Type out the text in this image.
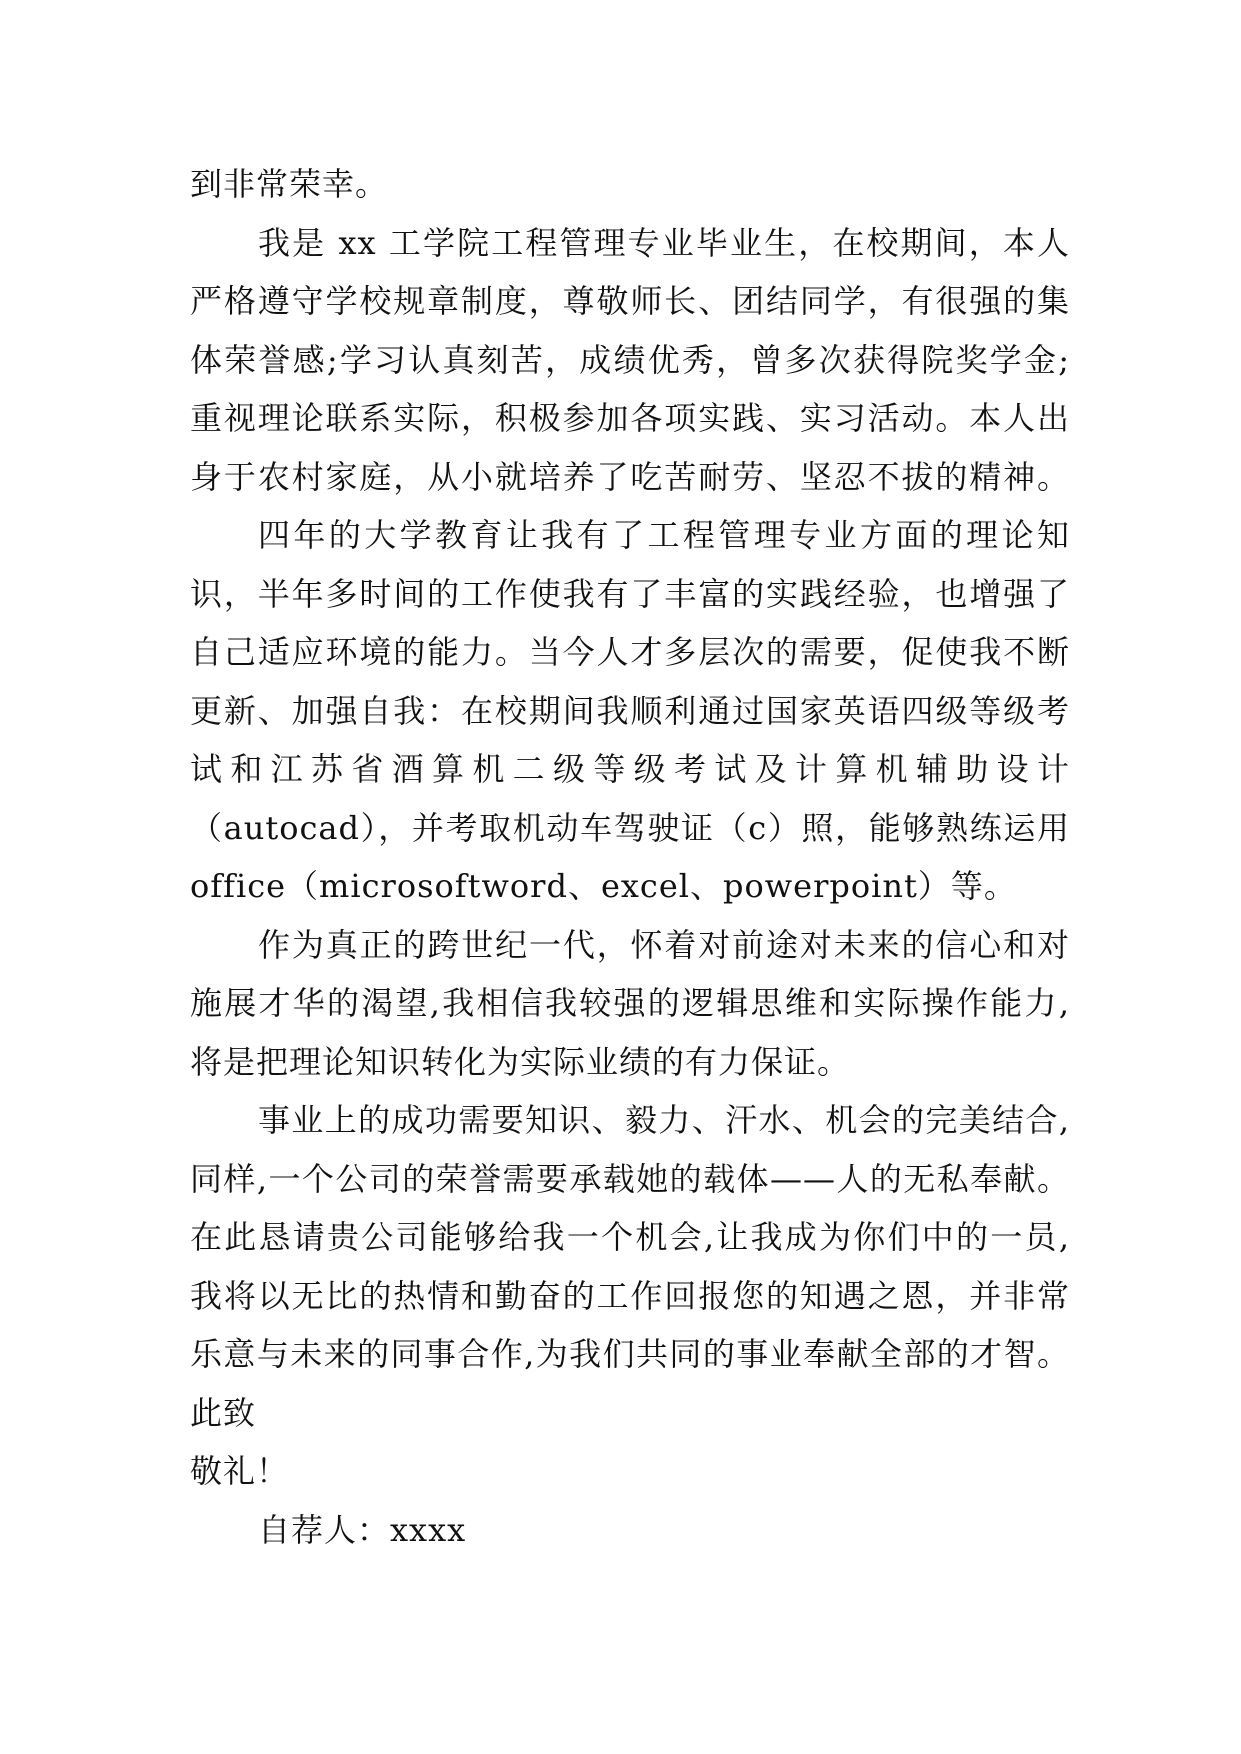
到非常荣幸。
我是 xx 工学院工程管理专业毕业生，在校期间，本人
严格遵守学校规章制度，尊敬师长、团结同学，有很强的集
体荣誉感;学习认真刻苦，成绩优秀，曾多次获得院奖学金;
重视理论联系实际，积极参加各项实践、实习活动。本人出
身于农村家庭，从小就培养了吃苦耐劳、坚忍不拔的精神。
四年的大学教育让我有了工程管理专业方面的理论知
识，半年多时间的工作使我有了丰富的实践经验，也增强了
自己适应环境的能力。当今人才多层次的需要，促使我不断
更新、加强自我：在校期间我顺利通过国家英语四级等级考
试和江苏省酒算机二级等级考试及计算机辅助设计
（autocad），并考取机动车驾驶证（c）照，能够熟练运用
office（microsoftword、excel、powerpoint）等。
作为真正的跨世纪一代，怀着对前途对未来的信心和对
施展才华的渴望,我相信我较强的逻辑思维和实际操作能力,
将是把理论知识转化为实际业绩的有力保证。
事业上的成功需要知识、毅力、汗水、机会的完美结合,
同样,一个公司的荣誉需要承载她的载体——人的无私奉献。
在此恳请贵公司能够给我一个机会,让我成为你们中的一员,
我将以无比的热情和勤奋的工作回报您的知遇之恩，并非常
乐意与未来的同事合作,为我们共同的事业奉献全部的才智。
此致
敬礼！
自荐人：xxxx
